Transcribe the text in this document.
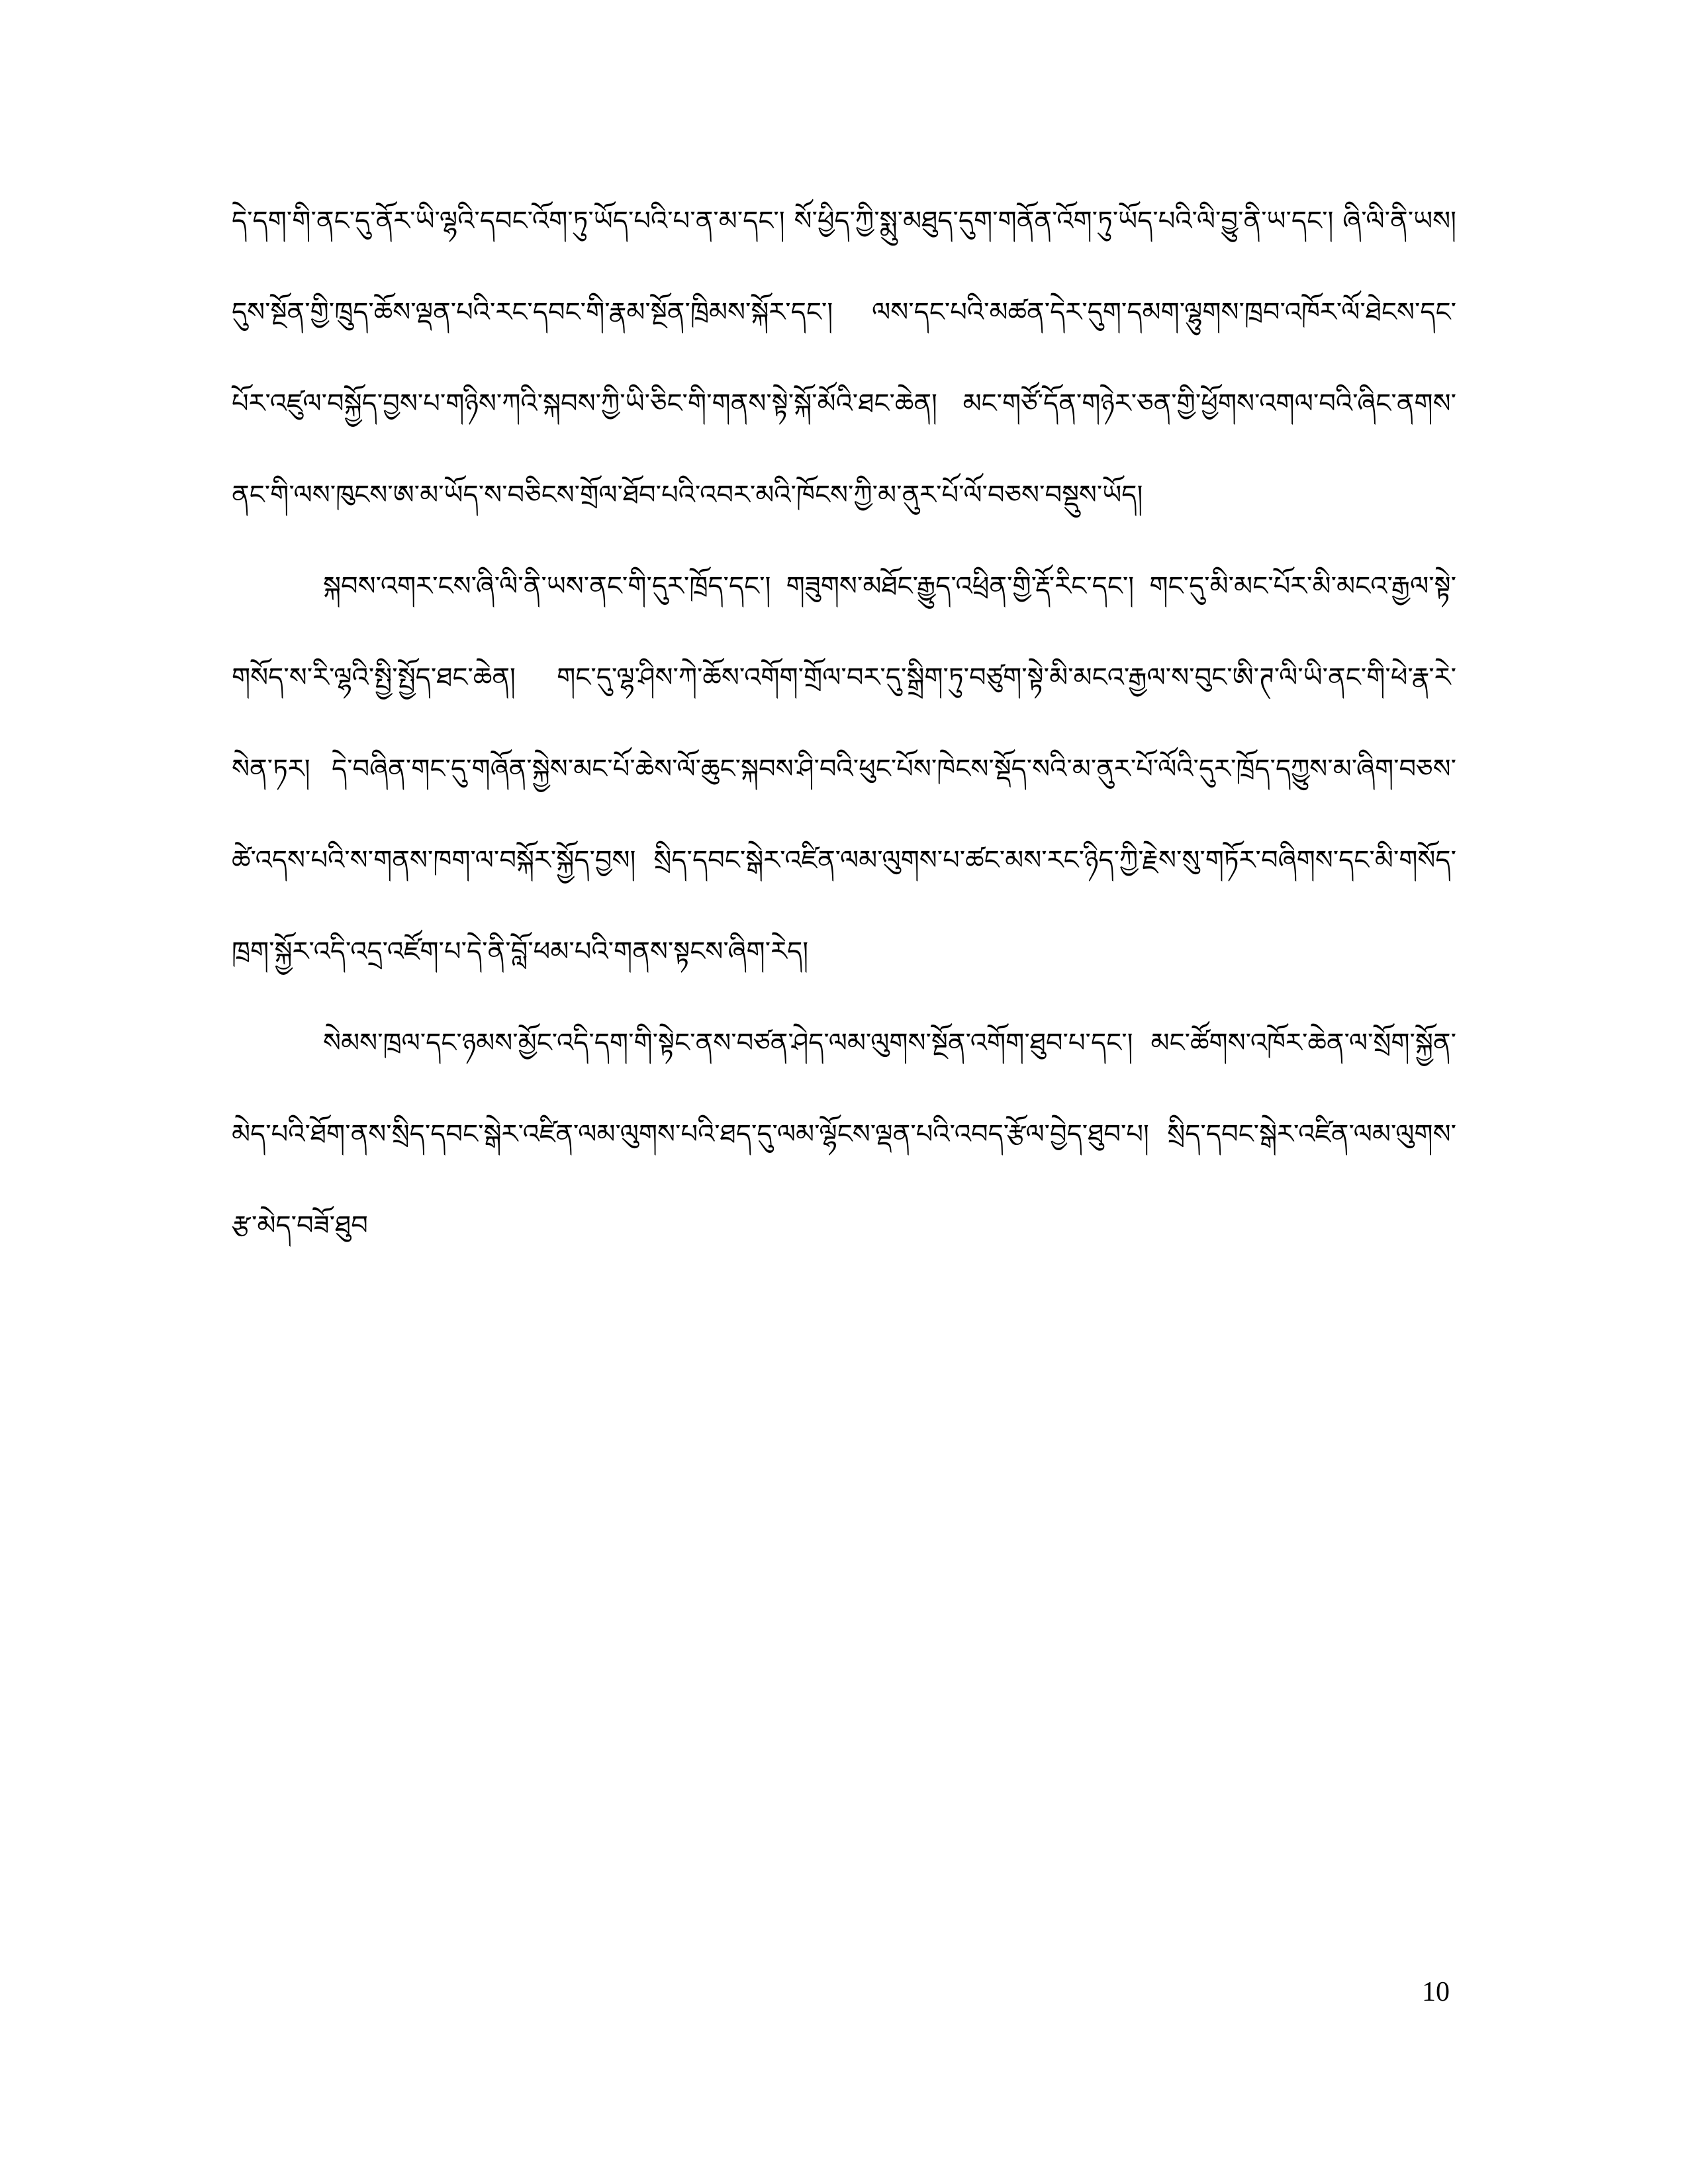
དེ་དག་གི་ནང་དུ་ནོར་ཡི་ལྷའི་དབང་འོག་ཏུ་ཡོད་པའི་པ་ན་མ་དང་། སོ་ཕྱིད་ཀྱི་སྨུ་མཐུད་དུག་གནོན་འོག་ཏུ་ཡོད་པའི་ལི་བྱུ་ནི་ཡ་དང་། ཞི་ལི་ནི་ཡས། དུས་སྔོན་གྱི་ཁྲུད་ཆོས་ལྡན་པའི་རང་དབང་གི་རྣམ་སྔོན་ཁྲིམས་སྐོར་དང་། ལས་དང་པའི་མཚན་དེར་དུག་དམག་ལྷུགས་ཁྲབ་འཁོར་ལོ་ཐེངས་དང་པོར་འཛུལ་བསྐྱོད་བྱས་པ་གཉིས་ཀའི་སྐབས་ཀྱི་ཡི་ཅིང་གི་གནས་སྟེ་སྐོ་མོའི་ཐང་ཆེན། མང་གཙོ་དོན་གཉེར་ཅན་གྱི་ཕྱོགས་འགལ་བའི་ཞིང་ནགས་ནང་གི་ལས་ཁུངས་ཨ་མ་ཡོད་ས་བཅིངས་གྲོལ་ཐོབ་པའི་འབར་མའི་ཁོངས་ཀྱི་མ་ནུར་པོ་ལོ་བཅས་བསྡུས་ཡོད།

སྐབས་འགར་ངས་ཞི་ལི་ནི་ཡས་ནང་གི་དུར་ཁྲོད་དང་། གཟུགས་མཐོང་རྒྱུད་འཕྲིན་གྱི་རྡོ་རིང་དང་། གང་དུ་མི་མང་པོར་མི་མངའ་རྒྱལ་སྟེ་གསོད་ས་རི་ལྷའི་སྤྱི་སྤྱོད་ཐང་ཆེན། གང་དུ་ལྷ་ཤིས་ཀེ་ཆོས་འགོག་གྲོལ་བར་དུ་སྒྲིག་ཏུ་བཙུག་སྟེ་མི་མངའ་རྒྱལ་ས་བུང་ཨི་ཊ་ལི་ཡི་ནང་གི་ཕེ་རྣ་རེ་སེན་ཏར། དེ་བཞིན་གང་དུ་གཞོན་སྐྱེས་མང་པོ་ཆེས་ལོ་ཆུང་སྐབས་ཤི་བའི་ཕུང་པོས་ཁེངས་སྡོད་སའི་མ་ནུར་པོ་ལོའི་དུར་ཁྲོད་དཀྱུས་མ་ཞིག་བཅས་ཚེ་འདས་པའི་ས་གནས་ཁག་ལ་བསྐོར་སྐྱོད་བྱས། སྲིད་དབང་སྒེར་འཛིན་ལམ་ལུགས་པ་ཚང་མས་རང་ཉིད་ཀྱི་རྗེས་སུ་གཏོར་བཞིགས་དང་མི་གསོད་ཁྲག་སྐྱོར་འདི་འདྲ་འཛོག་པ་དེ་ནི་བློ་ཕམ་པའི་གནས་སྟངས་ཞིག་རེད།

སེམས་ཁྲལ་དང་ཉམས་མྱོང་འདི་དག་གི་སྟེང་ནས་བཙན་ཤེད་ལམ་ལུགས་སྔོན་འགོག་ཐུབ་པ་དང་། མང་ཚོགས་འཁོར་ཆེན་ལ་སྲོག་སྐྱོན་མེད་པའི་ཐོག་ནས་སྲིད་དབང་སྒེར་འཛིན་ལམ་ལུགས་པའི་ཐད་དུ་ལམ་ལྷོངས་ལྡན་པའི་འབད་རྩོལ་བྱེད་ཐུབ་པ། སྲིད་དབང་སྒེར་འཛིན་ལམ་ལུགས་རྩ་མེད་བཟོ་ཐུབ

10
